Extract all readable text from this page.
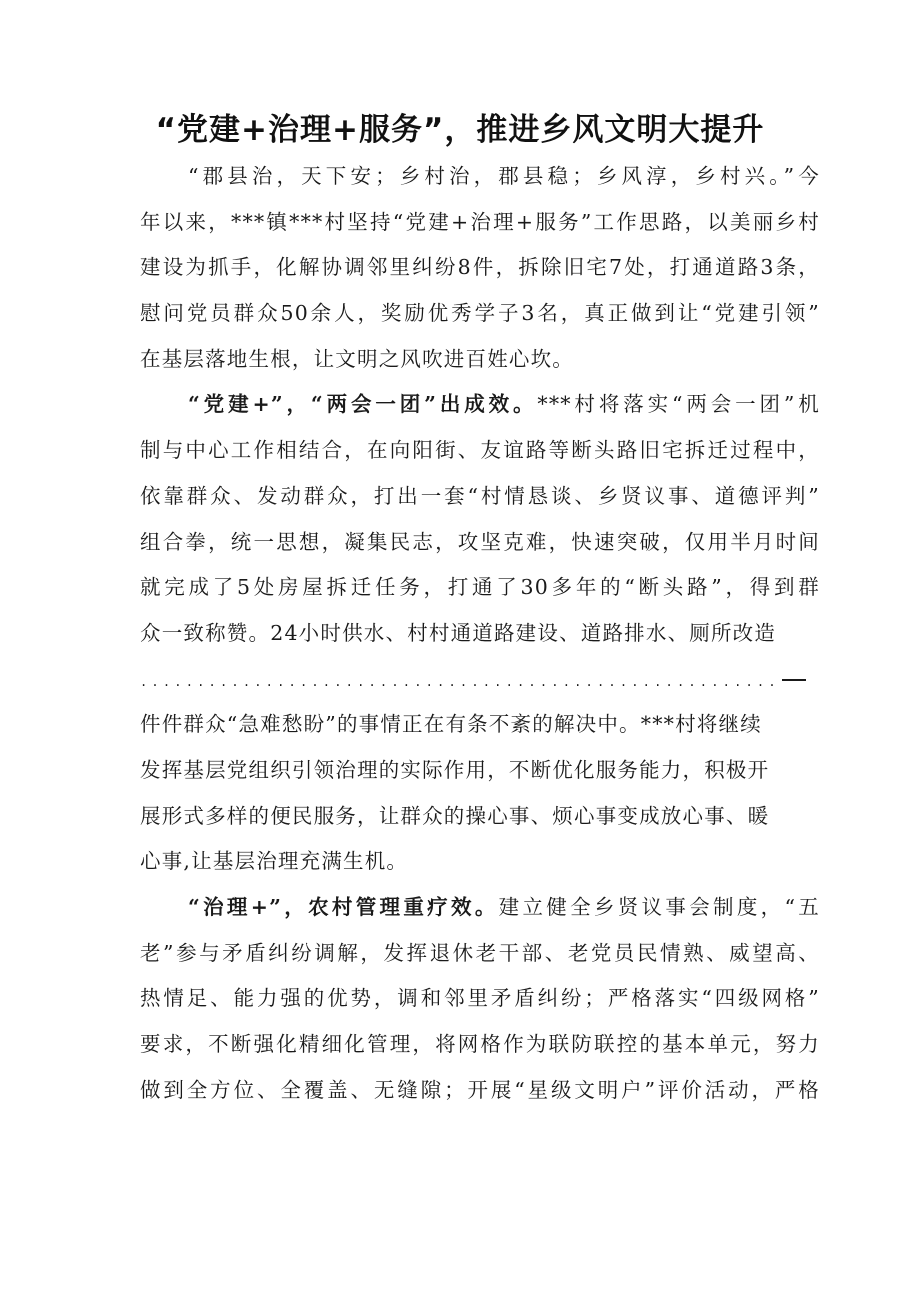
“党建+治理+服务”，推进乡风文明大提升
“郡县治，天下安；乡村治，郡县稳；乡风淳，乡村兴。”今
年以来，***镇***村坚持“党建+治理+服务”工作思路，以美丽乡村
建设为抓手，化解协调邻里纠纷8件，拆除旧宅7处，打通道路3条，
慰问党员群众50余人，奖励优秀学子3名，真正做到让“党建引领”
在基层落地生根，让文明之风吹进百姓心坎。
“党建+”，“两会一团”出成效。***村将落实“两会一团”机
制与中心工作相结合，在向阳街、友谊路等断头路旧宅拆迁过程中，
依靠群众、发动群众，打出一套“村情恳谈、乡贤议事、道德评判”
组合拳，统一思想，凝集民志，攻坚克难，快速突破，仅用半月时间
就完成了5处房屋拆迁任务，打通了30多年的“断头路”，得到群
众一致称赞。24小时供水、村村通道路建设、道路排水、厕所改造
........................................................
件件群众“急难愁盼”的事情正在有条不紊的解决中。***村将继续
发挥基层党组织引领治理的实际作用，不断优化服务能力，积极开
展形式多样的便民服务，让群众的操心事、烦心事变成放心事、暖
心事,让基层治理充满生机。
“治理+”，农村管理重疗效。建立健全乡贤议事会制度，“五
老”参与矛盾纠纷调解，发挥退休老干部、老党员民情熟、威望高、
热情足、能力强的优势，调和邻里矛盾纠纷；严格落实“四级网格”
要求，不断强化精细化管理，将网格作为联防联控的基本单元，努力
做到全方位、全覆盖、无缝隙；开展“星级文明户”评价活动，严格
